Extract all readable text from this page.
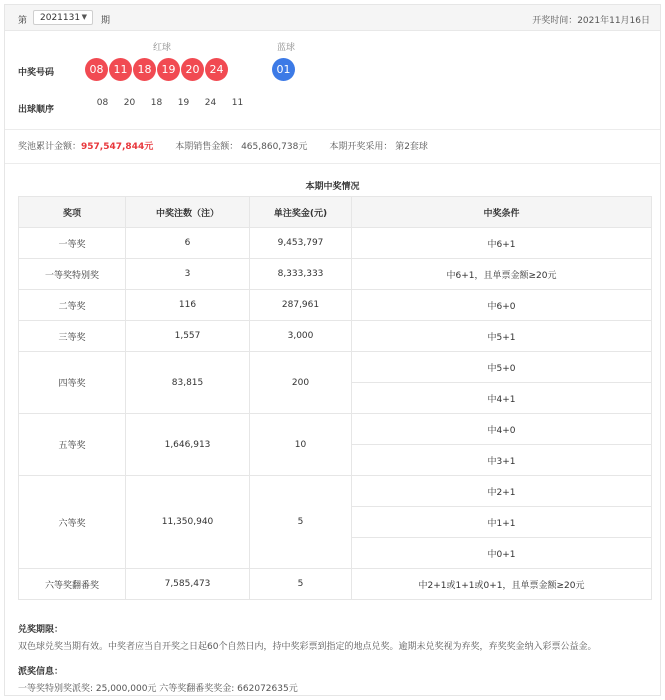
第 2021131 ▼ 期	开奖时间：2021年11月16日
红球	蓝球
中奖号码	08 11 18 19 20 24	01
出球顺序
08	20	18	19	24	11
奖池累计金额： 957,547,844元 本期销售金额： 465,860,738元 本期开奖采用： 第2套球
本期中奖情况
奖项	中奖注数（注）	单注奖金(元)	中奖条件
一等奖	6	9,453,797	中6+1
一等奖特别奖	3	8,333,333	中6+1，且单票金额≥20元
二等奖	116	287,961	中6+0
三等奖	1,557	3,000	中5+1
四等奖	83,815	200	中5+0
			中4+1
五等奖	1,646,913	10	中4+0
			中3+1
六等奖	11,350,940	5	中2+1
			中1+1
			中0+1
六等奖翻番奖	7,585,473	5	中2+1或1+1或0+1，且单票金额≥20元
兑奖期限：
双色球兑奖当期有效。中奖者应当自开奖之日起60个自然日内，持中奖彩票到指定的地点兑奖。逾期未兑奖视为弃奖，弃奖奖金纳入彩票公益金。
派奖信息：
一等奖特别奖派奖: 25,000,000元 六等奖翻番奖奖金: 662072635元
